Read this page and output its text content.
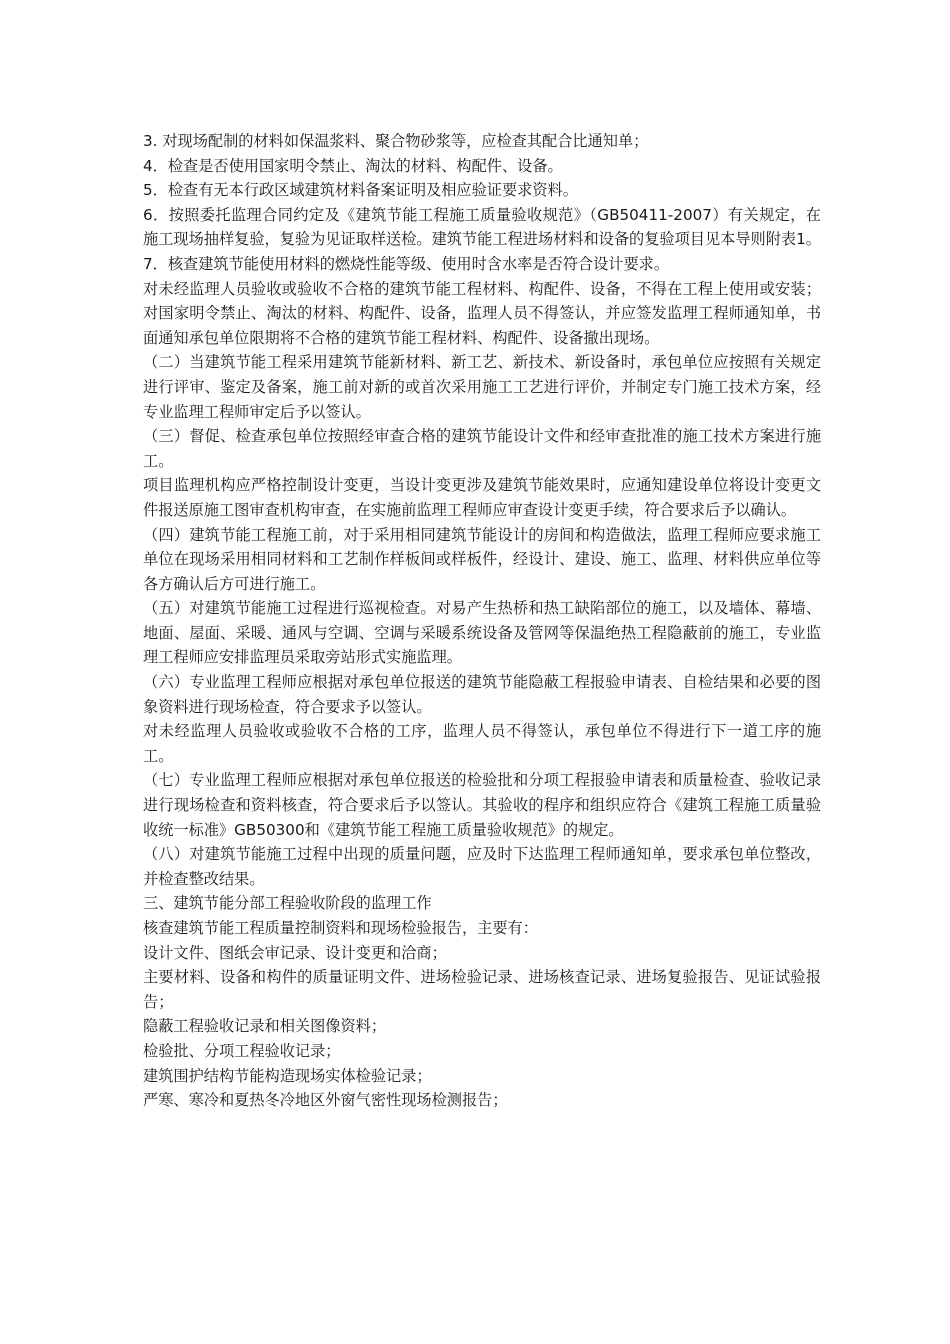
3. 对现场配制的材料如保温浆料、聚合物砂浆等，应检查其配合比通知单；

4．检查是否使用国家明令禁止、淘汰的材料、构配件、设备。

5．检查有无本行政区域建筑材料备案证明及相应验证要求资料。

6．按照委托监理合同约定及《建筑节能工程施工质量验收规范》（GB50411-2007）有关规定，在施工现场抽样复验，复验为见证取样送检。建筑节能工程进场材料和设备的复验项目见本导则附表1。

7．核查建筑节能使用材料的燃烧性能等级、使用时含水率是否符合设计要求。

对未经监理人员验收或验收不合格的建筑节能工程材料、构配件、设备，不得在工程上使用或安装；对国家明令禁止、淘汰的材料、构配件、设备，监理人员不得签认，并应签发监理工程师通知单，书面通知承包单位限期将不合格的建筑节能工程材料、构配件、设备撤出现场。

（二）当建筑节能工程采用建筑节能新材料、新工艺、新技术、新设备时，承包单位应按照有关规定进行评审、鉴定及备案，施工前对新的或首次采用施工工艺进行评价，并制定专门施工技术方案，经专业监理工程师审定后予以签认。

（三）督促、检查承包单位按照经审查合格的建筑节能设计文件和经审查批准的施工技术方案进行施工。

项目监理机构应严格控制设计变更，当设计变更涉及建筑节能效果时，应通知建设单位将设计变更文件报送原施工图审查机构审查，在实施前监理工程师应审查设计变更手续，符合要求后予以确认。

（四）建筑节能工程施工前，对于采用相同建筑节能设计的房间和构造做法，监理工程师应要求施工单位在现场采用相同材料和工艺制作样板间或样板件，经设计、建设、施工、监理、材料供应单位等各方确认后方可进行施工。

（五）对建筑节能施工过程进行巡视检查。对易产生热桥和热工缺陷部位的施工，以及墙体、幕墙、地面、屋面、采暖、通风与空调、空调与采暖系统设备及管网等保温绝热工程隐蔽前的施工，专业监理工程师应安排监理员采取旁站形式实施监理。

（六）专业监理工程师应根据对承包单位报送的建筑节能隐蔽工程报验申请表、自检结果和必要的图象资料进行现场检查，符合要求予以签认。

对未经监理人员验收或验收不合格的工序，监理人员不得签认，承包单位不得进行下一道工序的施工。

（七）专业监理工程师应根据对承包单位报送的检验批和分项工程报验申请表和质量检查、验收记录进行现场检查和资料核查，符合要求后予以签认。其验收的程序和组织应符合《建筑工程施工质量验收统一标准》GB50300和《建筑节能工程施工质量验收规范》的规定。

（八）对建筑节能施工过程中出现的质量问题，应及时下达监理工程师通知单，要求承包单位整改，并检查整改结果。

三、建筑节能分部工程验收阶段的监理工作

核查建筑节能工程质量控制资料和现场检验报告，主要有：

设计文件、图纸会审记录、设计变更和洽商；

主要材料、设备和构件的质量证明文件、进场检验记录、进场核查记录、进场复验报告、见证试验报告；

隐蔽工程验收记录和相关图像资料；

检验批、分项工程验收记录；

建筑围护结构节能构造现场实体检验记录；

严寒、寒冷和夏热冬冷地区外窗气密性现场检测报告；
